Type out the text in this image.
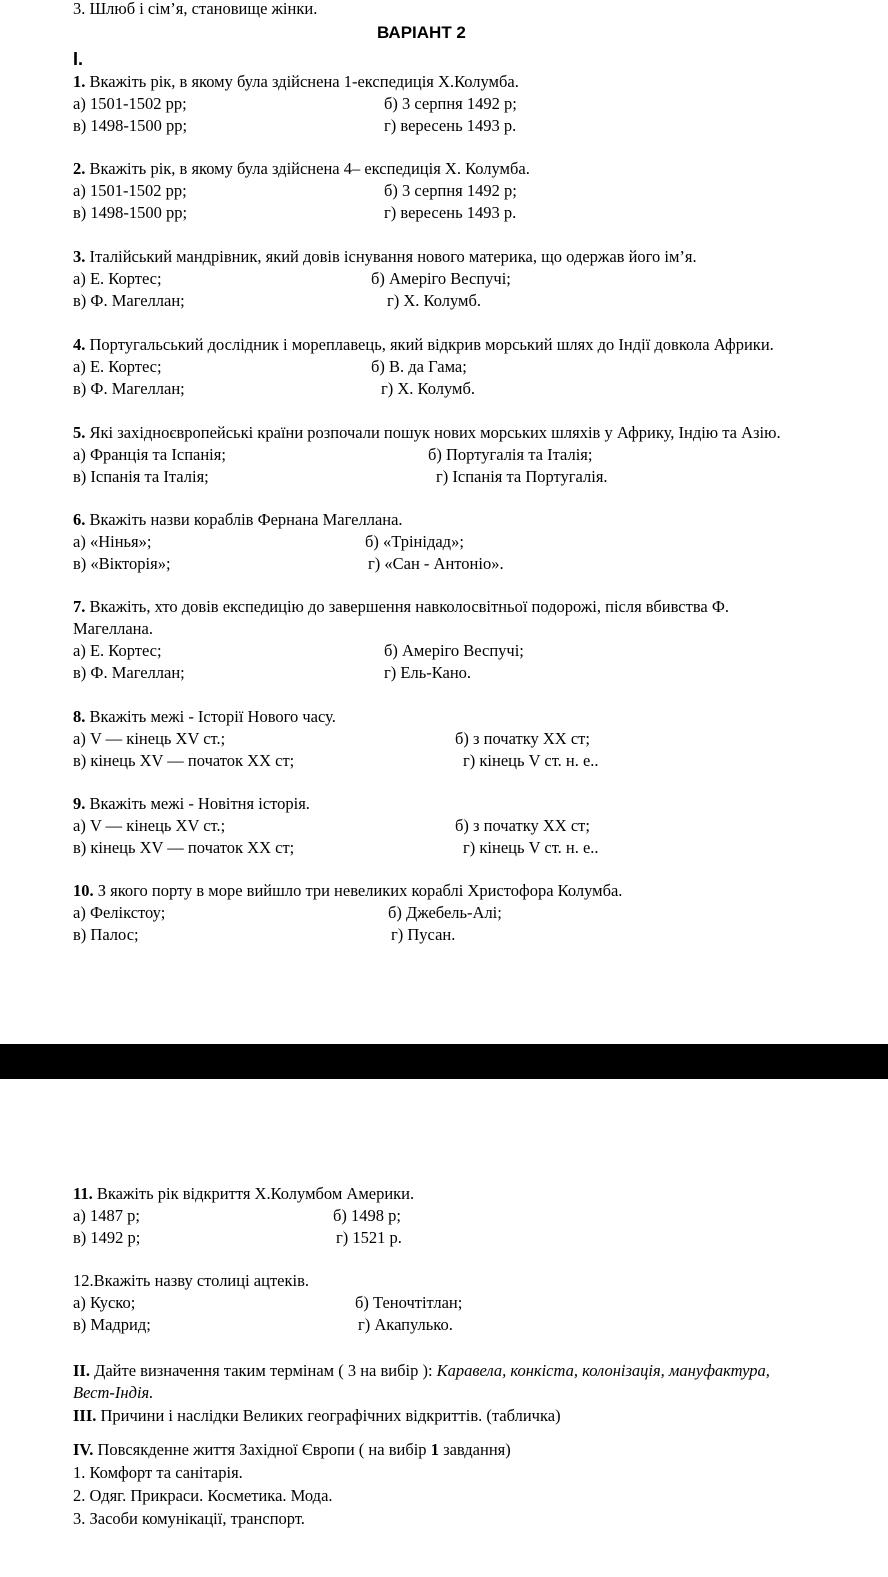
3. Шлюб і сім’я, становище жінки.
ВАРІАНТ 2
І.
1. Вкажіть рік, в якому була здійснена 1-експедиція Х.Колумба.
а) 1501-1502 рр;	б) 3 серпня 1492 р;
в) 1498-1500 рр;	г) вересень 1493 р.
2. Вкажіть рік, в якому була здійснена 4– експедиція Х. Колумба.
а) 1501-1502 рр;	б) 3 серпня 1492 р;
в) 1498-1500 рр;	г) вересень 1493 р.
3. Італійський мандрівник, який довів існування нового материка, що одержав його ім’я.
а) Е. Кортес;	б) Амеріго Веспучі;
в) Ф. Магеллан;	г) Х. Колумб.
4. Португальський дослідник і мореплавець, який відкрив морський шлях до Індії довкола Африки.
а) Е. Кортес;	б) В. да Гама;
в) Ф. Магеллан;	г) Х. Колумб.
5. Які західноєвропейські країни розпочали пошук нових морських шляхів у Африку, Індію та Азію.
а) Франція та Іспанія;	б) Португалія та Італія;
в) Іспанія та Італія;	г) Іспанія та Португалія.
6. Вкажіть назви кораблів Фернана Магеллана.
а) «Нінья»;	б) «Трінідад»;
в) «Вікторія»;	г) «Сан - Антоніо».
7. Вкажіть, хто довів експедицію до завершення навколосвітньої подорожі, після вбивства Ф.
Магеллана.
а) Е. Кортес;	б) Амеріго Веспучі;
в) Ф. Магеллан;	г) Ель-Кано.
8. Вкажіть межі - Історії Нового часу.
а) V — кінець XV ст.;	б) з початку XX ст;
в) кінець XV — початок XX ст;	г) кінець V ст. н. е..
9. Вкажіть межі - Новітня історія.
а) V — кінець XV ст.;	б) з початку XX ст;
в) кінець XV — початок XX ст;	г) кінець V ст. н. е..
10. З якого порту в море вийшло три невеликих кораблі Христофора Колумба.
а) Фелікстоу;	б) Джебель-Алі;
в) Палос;	г) Пусан.
11. Вкажіть рік відкриття Х.Колумбом Америки.
а) 1487 р;	б) 1498 р;
в) 1492 р;	г) 1521 р.
12.Вкажіть назву столиці ацтеків.
а) Куско;	б) Теночтітлан;
в) Мадрид;	г) Акапулько.
II. Дайте визначення таким термінам ( 3 на вибір ): Каравела, конкіста, колонізація, мануфактура,
Вест-Індія.
III. Причини і наслідки Великих географічних відкриттів. (табличка)
IV. Повсякденне життя Західної Європи ( на вибір 1 завдання)
1. Комфорт та санітарія.
2. Одяг. Прикраси. Косметика. Мода.
3. Засоби комунікації, транспорт.
